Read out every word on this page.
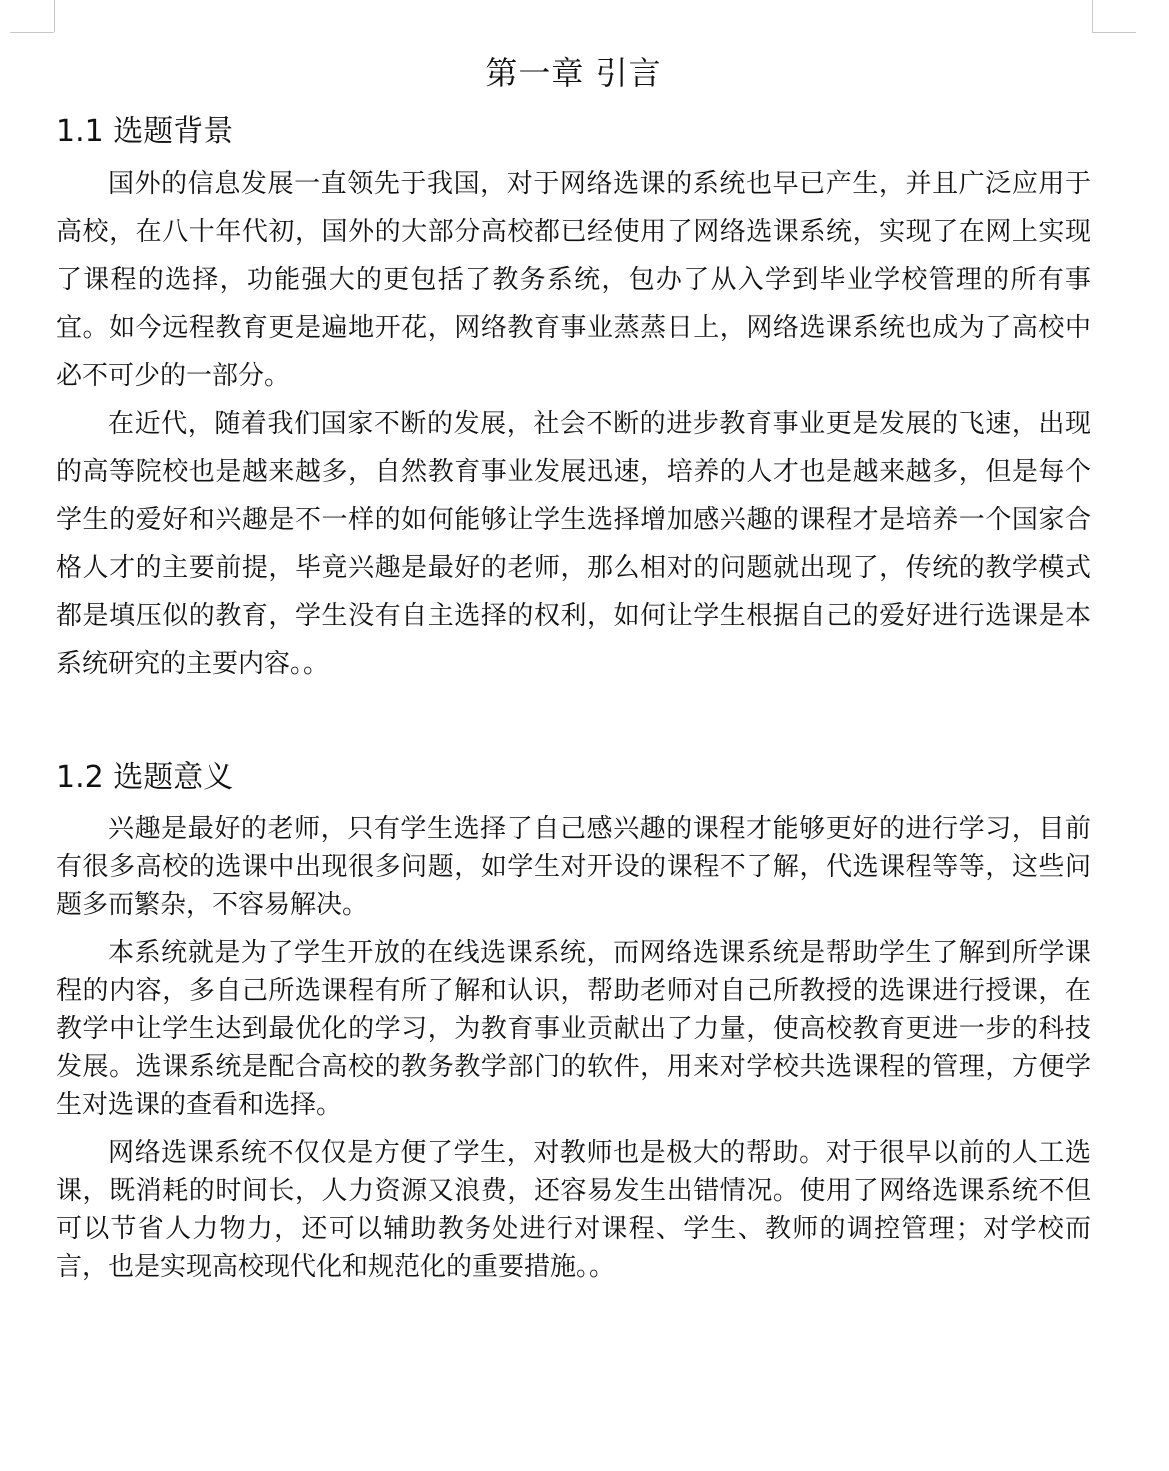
第一章 引言
1.1 选题背景

国外的信息发展一直领先于我国，对于网络选课的系统也早已产生，并且广泛应用于高校，在八十年代初，国外的大部分高校都已经使用了网络选课系统，实现了在网上实现了课程的选择，功能强大的更包括了教务系统，包办了从入学到毕业学校管理的所有事宜。如今远程教育更是遍地开花，网络教育事业蒸蒸日上，网络选课系统也成为了高校中必不可少的一部分。

在近代，随着我们国家不断的发展，社会不断的进步教育事业更是发展的飞速，出现的高等院校也是越来越多，自然教育事业发展迅速，培养的人才也是越来越多，但是每个学生的爱好和兴趣是不一样的如何能够让学生选择增加感兴趣的课程才是培养一个国家合格人才的主要前提，毕竟兴趣是最好的老师，那么相对的问题就出现了，传统的教学模式都是填压似的教育，学生没有自主选择的权利，如何让学生根据自己的爱好进行选课是本系统研究的主要内容。。

1.2 选题意义

兴趣是最好的老师，只有学生选择了自己感兴趣的课程才能够更好的进行学习，目前有很多高校的选课中出现很多问题，如学生对开设的课程不了解，代选课程等等，这些问题多而繁杂，不容易解决。

本系统就是为了学生开放的在线选课系统，而网络选课系统是帮助学生了解到所学课程的内容，多自己所选课程有所了解和认识，帮助老师对自己所教授的选课进行授课，在教学中让学生达到最优化的学习，为教育事业贡献出了力量，使高校教育更进一步的科技发展。选课系统是配合高校的教务教学部门的软件，用来对学校共选课程的管理，方便学生对选课的查看和选择。

网络选课系统不仅仅是方便了学生，对教师也是极大的帮助。对于很早以前的人工选课，既消耗的时间长，人力资源又浪费，还容易发生出错情况。使用了网络选课系统不但可以节省人力物力，还可以辅助教务处进行对课程、学生、教师的调控管理；对学校而言，也是实现高校现代化和规范化的重要措施。。
